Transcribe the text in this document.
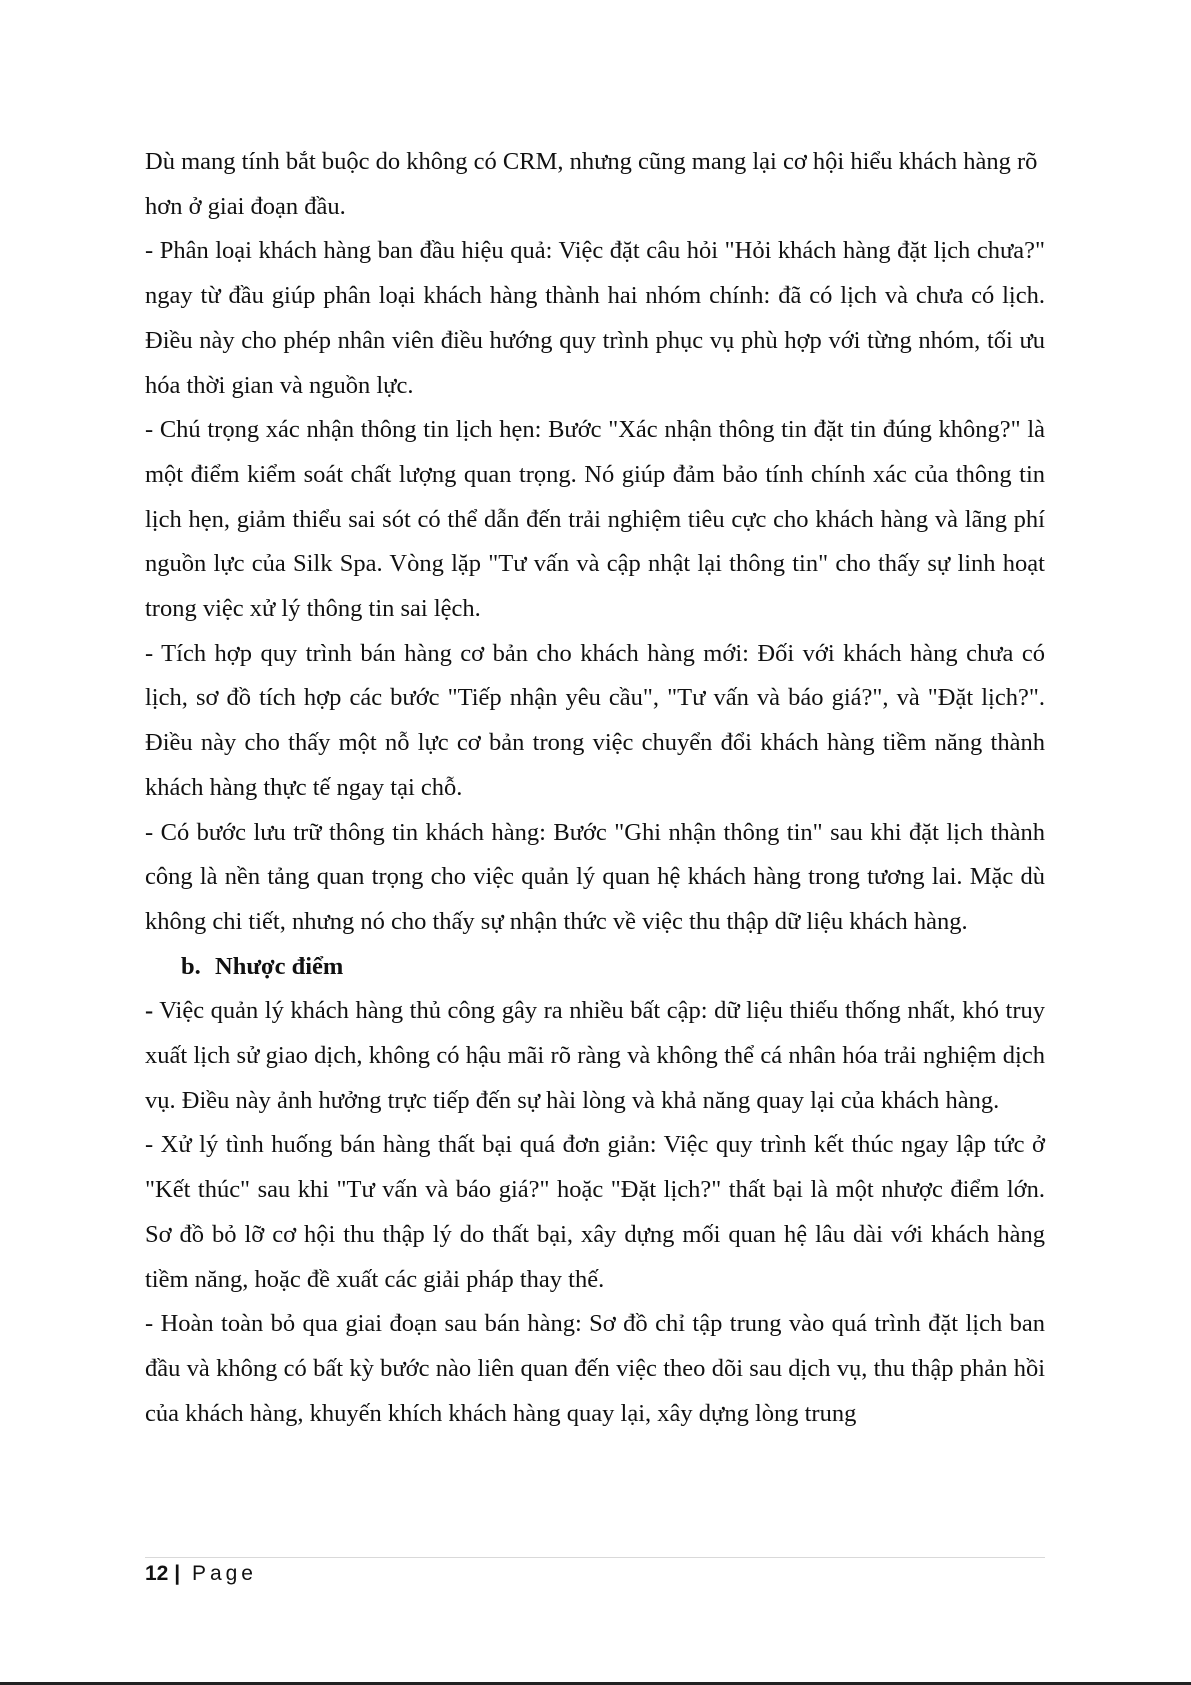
Dù mang tính bắt buộc do không có CRM, nhưng cũng mang lại cơ hội hiểu khách hàng rõ hơn ở giai đoạn đầu.

- Phân loại khách hàng ban đầu hiệu quả: Việc đặt câu hỏi "Hỏi khách hàng đặt lịch chưa?" ngay từ đầu giúp phân loại khách hàng thành hai nhóm chính: đã có lịch và chưa có lịch. Điều này cho phép nhân viên điều hướng quy trình phục vụ phù hợp với từng nhóm, tối ưu hóa thời gian và nguồn lực.

- Chú trọng xác nhận thông tin lịch hẹn: Bước "Xác nhận thông tin đặt tin đúng không?" là một điểm kiểm soát chất lượng quan trọng. Nó giúp đảm bảo tính chính xác của thông tin lịch hẹn, giảm thiểu sai sót có thể dẫn đến trải nghiệm tiêu cực cho khách hàng và lãng phí nguồn lực của Silk Spa. Vòng lặp "Tư vấn và cập nhật lại thông tin" cho thấy sự linh hoạt trong việc xử lý thông tin sai lệch.

- Tích hợp quy trình bán hàng cơ bản cho khách hàng mới: Đối với khách hàng chưa có lịch, sơ đồ tích hợp các bước "Tiếp nhận yêu cầu", "Tư vấn và báo giá?", và "Đặt lịch?". Điều này cho thấy một nỗ lực cơ bản trong việc chuyển đổi khách hàng tiềm năng thành khách hàng thực tế ngay tại chỗ.

- Có bước lưu trữ thông tin khách hàng: Bước "Ghi nhận thông tin" sau khi đặt lịch thành công là nền tảng quan trọng cho việc quản lý quan hệ khách hàng trong tương lai. Mặc dù không chi tiết, nhưng nó cho thấy sự nhận thức về việc thu thập dữ liệu khách hàng.

b. Nhược điểm

- Việc quản lý khách hàng thủ công gây ra nhiều bất cập: dữ liệu thiếu thống nhất, khó truy xuất lịch sử giao dịch, không có hậu mãi rõ ràng và không thể cá nhân hóa trải nghiệm dịch vụ. Điều này ảnh hưởng trực tiếp đến sự hài lòng và khả năng quay lại của khách hàng.

- Xử lý tình huống bán hàng thất bại quá đơn giản: Việc quy trình kết thúc ngay lập tức ở "Kết thúc" sau khi "Tư vấn và báo giá?" hoặc "Đặt lịch?" thất bại là một nhược điểm lớn. Sơ đồ bỏ lỡ cơ hội thu thập lý do thất bại, xây dựng mối quan hệ lâu dài với khách hàng tiềm năng, hoặc đề xuất các giải pháp thay thế.

- Hoàn toàn bỏ qua giai đoạn sau bán hàng: Sơ đồ chỉ tập trung vào quá trình đặt lịch ban đầu và không có bất kỳ bước nào liên quan đến việc theo dõi sau dịch vụ, thu thập phản hồi của khách hàng, khuyến khích khách hàng quay lại, xây dựng lòng trung

12 | Page
